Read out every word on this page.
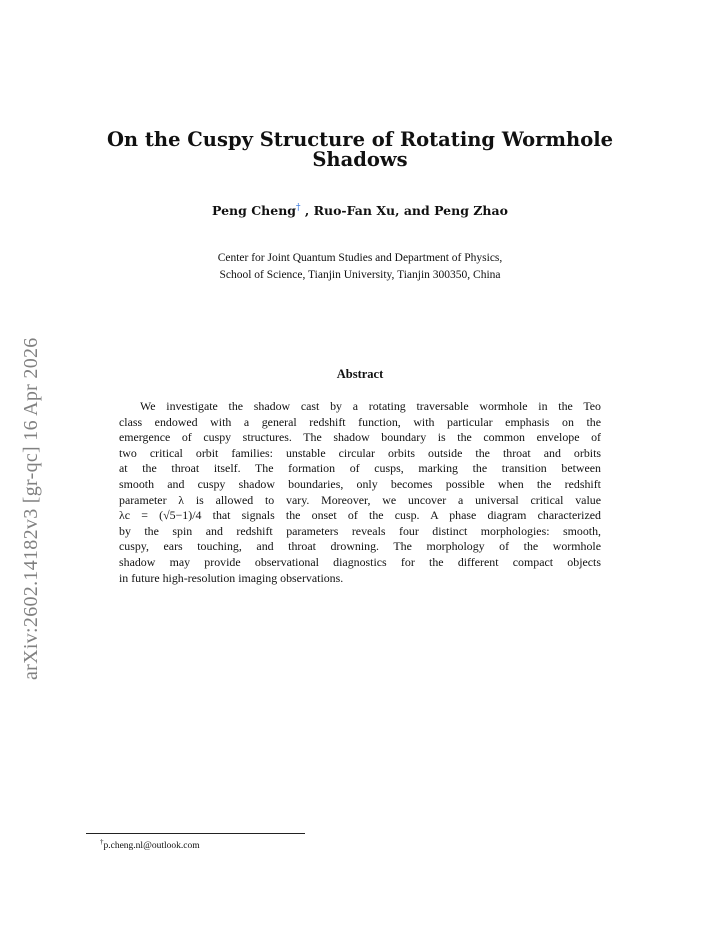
On the Cuspy Structure of Rotating Wormhole
Shadows
Peng Cheng† , Ruo-Fan Xu, and Peng Zhao
Center for Joint Quantum Studies and Department of Physics,
School of Science, Tianjin University, Tianjin 300350, China
Abstract
We investigate the shadow cast by a rotating traversable wormhole in the Teo
class endowed with a general redshift function, with particular emphasis on the
emergence of cuspy structures. The shadow boundary is the common envelope of
two critical orbit families: unstable circular orbits outside the throat and orbits
at the throat itself. The formation of cusps, marking the transition between
smooth and cuspy shadow boundaries, only becomes possible when the redshift
parameter λ is allowed to vary. Moreover, we uncover a universal critical value
λc = (√5−1)/4 that signals the onset of the cusp. A phase diagram characterized
by the spin and redshift parameters reveals four distinct morphologies: smooth,
cuspy, ears touching, and throat drowning. The morphology of the wormhole
shadow may provide observational diagnostics for the different compact objects
in future high-resolution imaging observations.
arXiv:2602.14182v3 [gr-qc] 16 Apr 2026
†p.cheng.nl@outlook.com
